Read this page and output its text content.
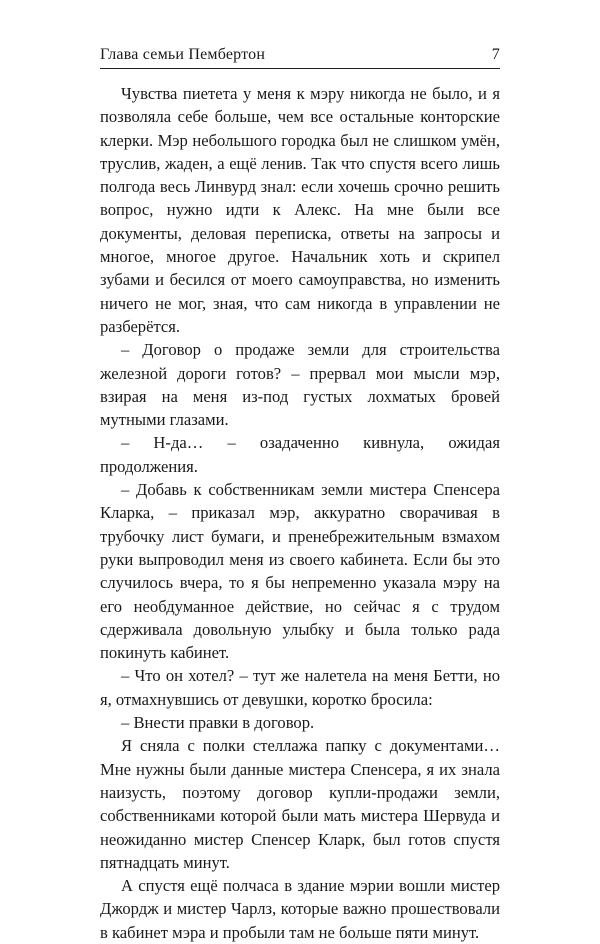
Глава семьи Пембертон	7

Чувства пиетета у меня к мэру никогда не было, и я позволяла себе больше, чем все остальные конторские клерки. Мэр небольшого городка был не слишком умён, труслив, жаден, а ещё ленив. Так что спустя всего лишь полгода весь Линвурд знал: если хочешь срочно решить вопрос, нужно идти к Алекс. На мне были все документы, деловая переписка, ответы на запросы и многое, многое другое. Начальник хоть и скрипел зубами и бесился от моего самоуправства, но изменить ничего не мог, зная, что сам никогда в управлении не разберётся.

– Договор о продаже земли для строительства железной дороги готов? – прервал мои мысли мэр, взирая на меня из-под густых лохматых бровей мутными глазами.

– Н-да… – озадаченно кивнула, ожидая продолжения.

– Добавь к собственникам земли мистера Спенсера Кларка, – приказал мэр, аккуратно сворачивая в трубочку лист бумаги, и пренебрежительным взмахом руки выпроводил меня из своего кабинета. Если бы это случилось вчера, то я бы непременно указала мэру на его необдуманное действие, но сейчас я с трудом сдерживала довольную улыбку и была только рада покинуть кабинет.

– Что он хотел? – тут же налетела на меня Бетти, но я, отмахнувшись от девушки, коротко бросила:

– Внести правки в договор.

Я сняла с полки стеллажа папку с документами… Мне нужны были данные мистера Спенсера, я их знала наизусть, поэтому договор купли-продажи земли, собственниками которой были мать мистера Шервуда и неожиданно мистер Спенсер Кларк, был готов спустя пятнадцать минут.

А спустя ещё полчаса в здание мэрии вошли мистер Джордж и мистер Чарлз, которые важно прошествовали в кабинет мэра и пробыли там не больше пяти минут.
